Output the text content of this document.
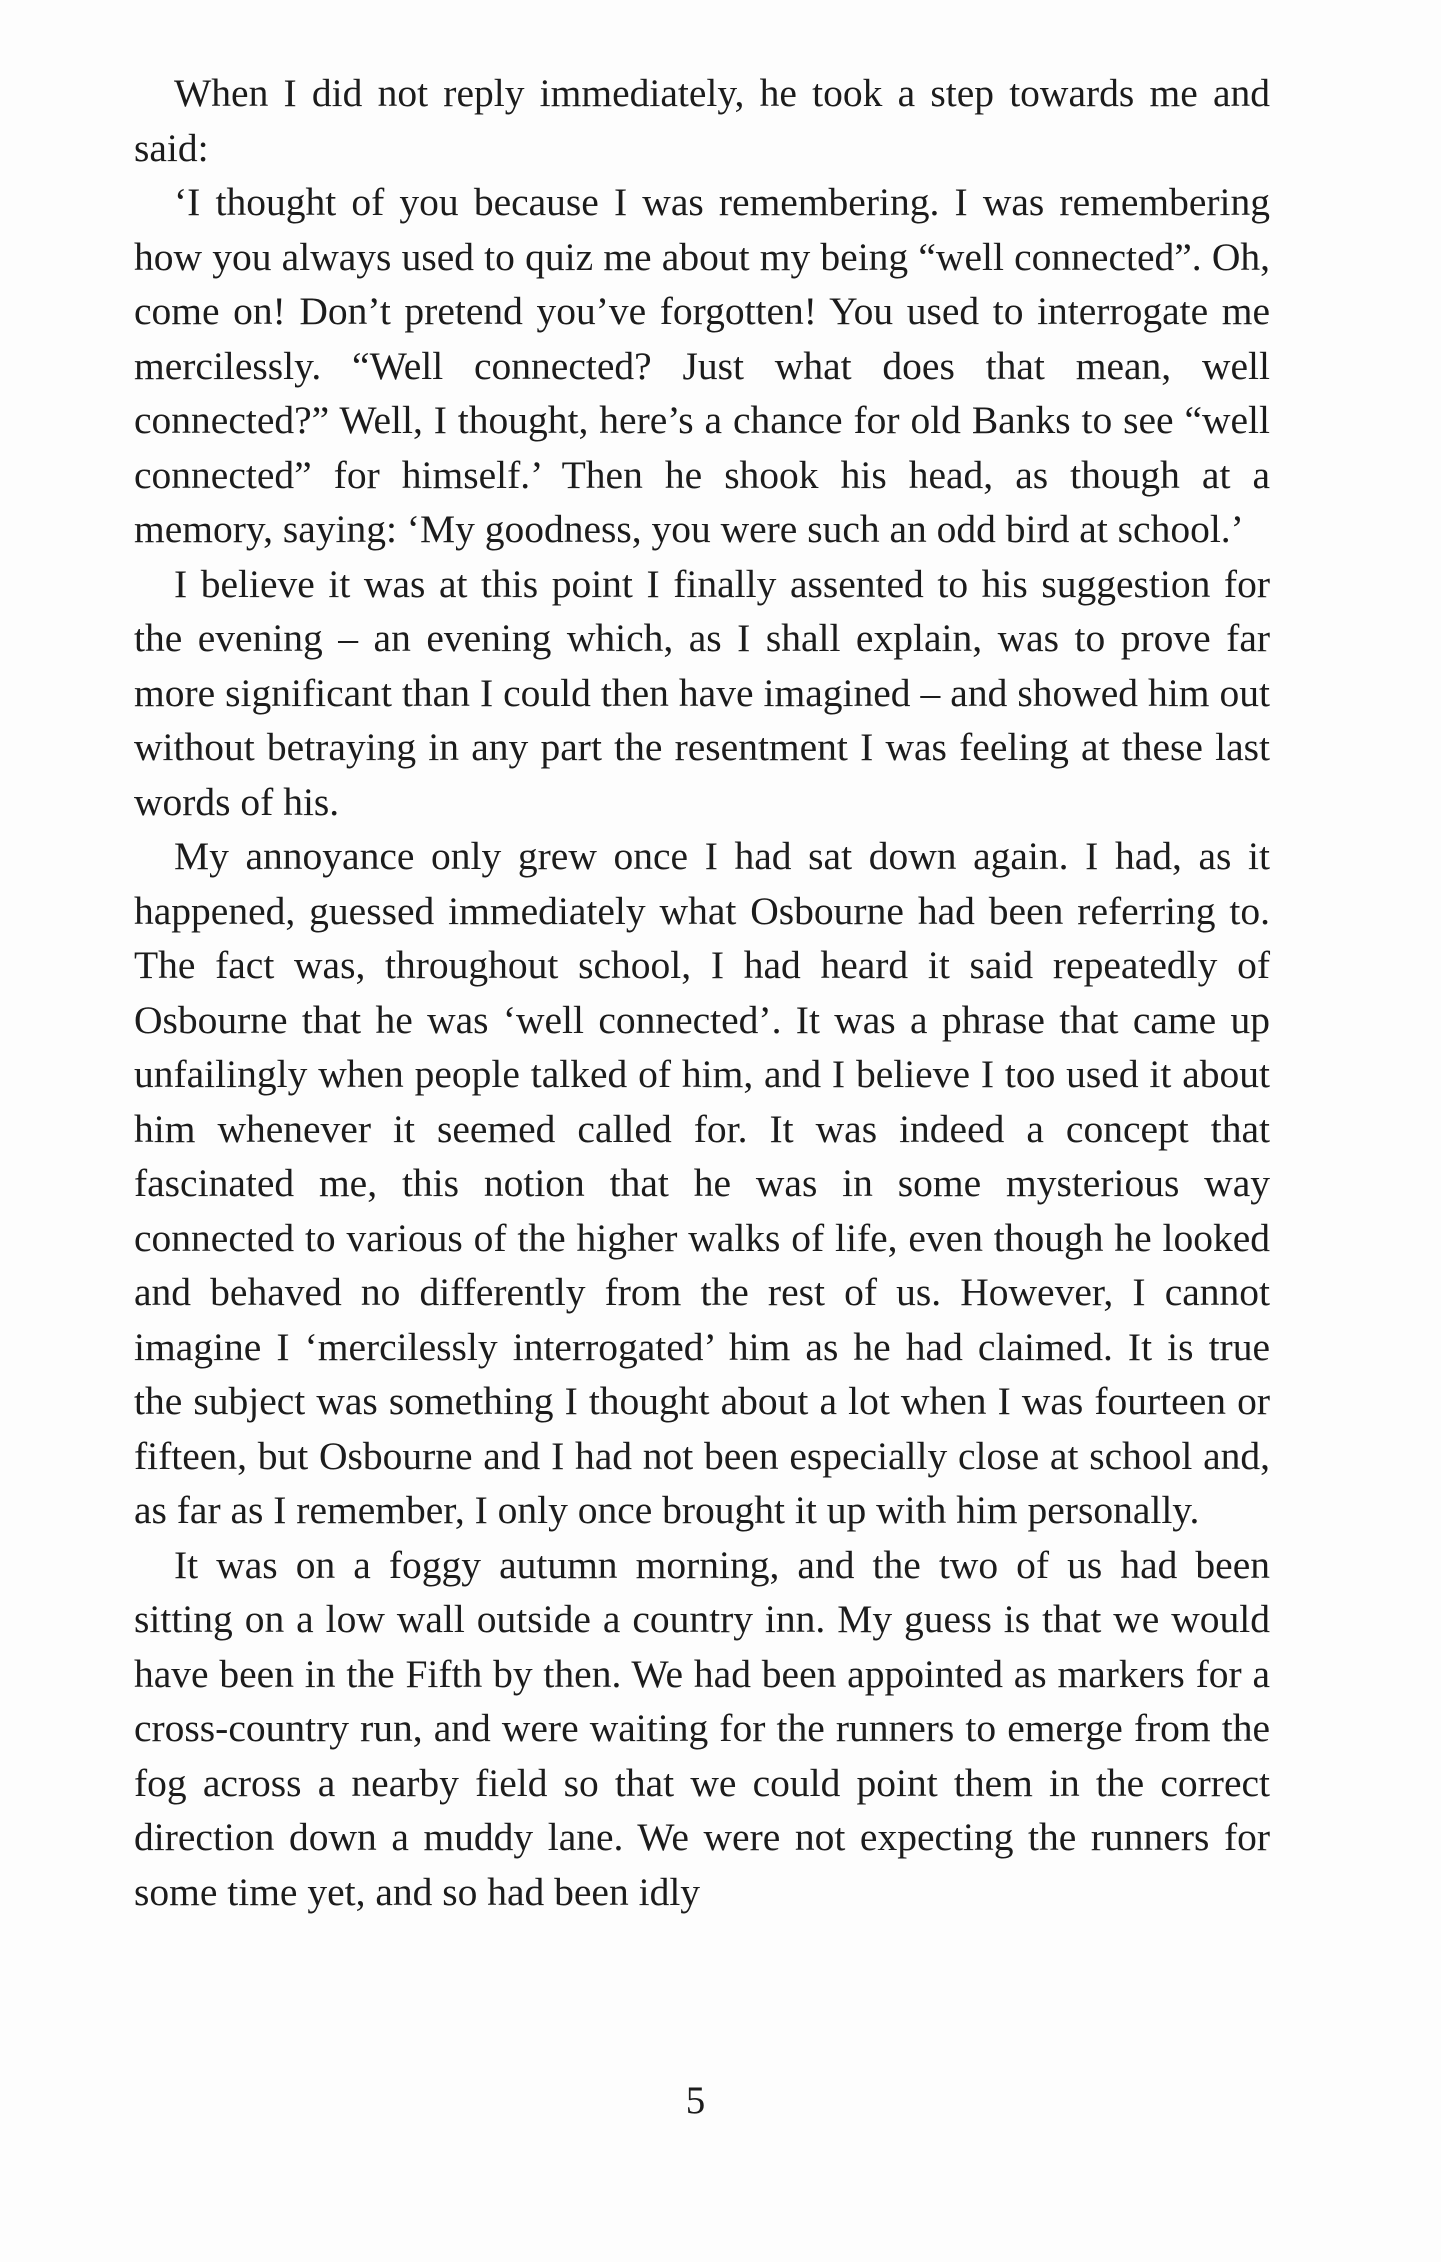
When I did not reply immediately, he took a step towards me and said:

‘I thought of you because I was remembering. I was remembering how you always used to quiz me about my being “well connected”. Oh, come on! Don’t pretend you’ve forgotten! You used to interrogate me mercilessly. “Well connected? Just what does that mean, well connected?” Well, I thought, here’s a chance for old Banks to see “well connected” for himself.’ Then he shook his head, as though at a memory, saying: ‘My goodness, you were such an odd bird at school.’

I believe it was at this point I finally assented to his suggestion for the evening – an evening which, as I shall explain, was to prove far more significant than I could then have imagined – and showed him out without betraying in any part the resentment I was feeling at these last words of his.

My annoyance only grew once I had sat down again. I had, as it happened, guessed immediately what Osbourne had been referring to. The fact was, throughout school, I had heard it said repeatedly of Osbourne that he was ‘well connected’. It was a phrase that came up unfailingly when people talked of him, and I believe I too used it about him whenever it seemed called for. It was indeed a concept that fascinated me, this notion that he was in some mysterious way connected to various of the higher walks of life, even though he looked and behaved no differently from the rest of us. However, I cannot imagine I ‘mercilessly interrogated’ him as he had claimed. It is true the subject was something I thought about a lot when I was fourteen or fifteen, but Osbourne and I had not been especially close at school and, as far as I remember, I only once brought it up with him personally.

It was on a foggy autumn morning, and the two of us had been sitting on a low wall outside a country inn. My guess is that we would have been in the Fifth by then. We had been appointed as markers for a cross-country run, and were waiting for the runners to emerge from the fog across a nearby field so that we could point them in the correct direction down a muddy lane. We were not expecting the runners for some time yet, and so had been idly

5
